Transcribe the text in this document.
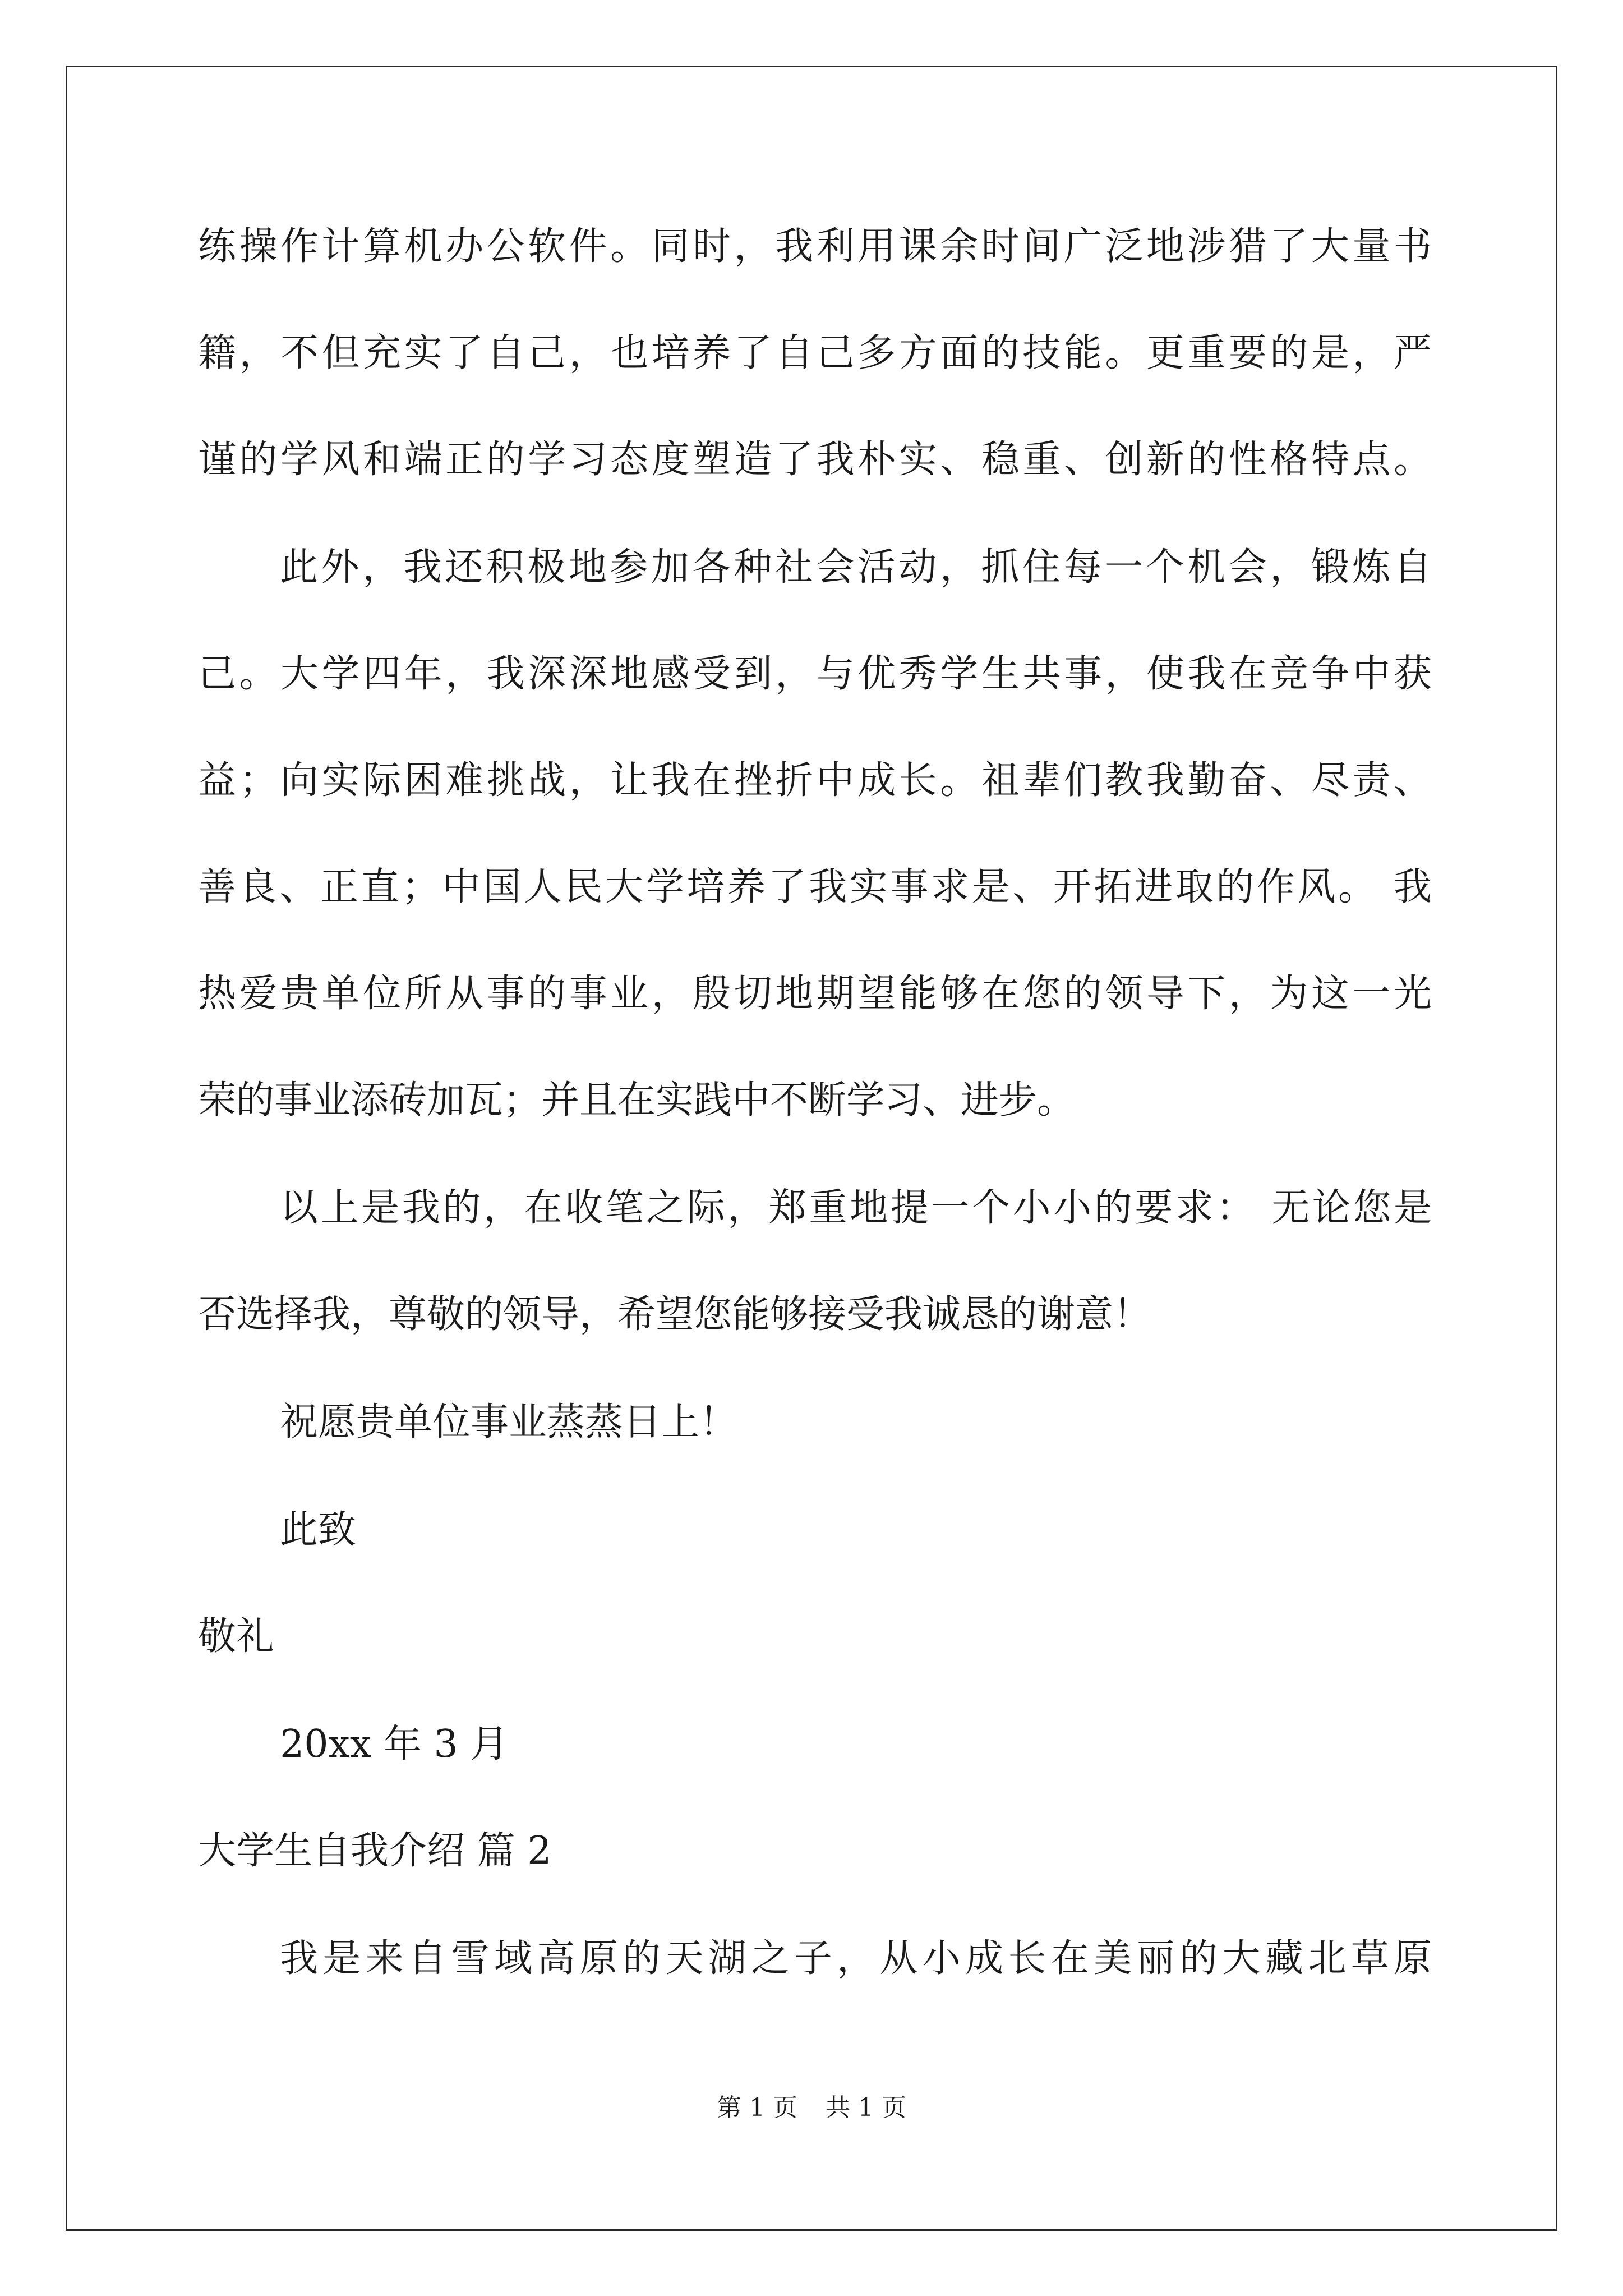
练操作计算机办公软件。同时，我利用课余时间广泛地涉猎了大量书
籍，不但充实了自己，也培养了自己多方面的技能。更重要的是，严
谨的学风和端正的学习态度塑造了我朴实、稳重、创新的性格特点。
此外，我还积极地参加各种社会活动，抓住每一个机会，锻炼自
己。大学四年，我深深地感受到，与优秀学生共事，使我在竞争中获
益；向实际困难挑战，让我在挫折中成长。祖辈们教我勤奋、尽责、
善良、正直；中国人民大学培养了我实事求是、开拓进取的作风。 我
热爱贵单位所从事的事业，殷切地期望能够在您的领导下，为这一光
荣的事业添砖加瓦；并且在实践中不断学习、进步。
以上是我的，在收笔之际，郑重地提一个小小的要求： 无论您是
否选择我，尊敬的领导，希望您能够接受我诚恳的谢意！
祝愿贵单位事业蒸蒸日上！
此致
敬礼
20xx 年 3 月
大学生自我介绍 篇 2
我是来自雪域高原的天湖之子，从小成长在美丽的大藏北草原
第 1 页 共 1 页
